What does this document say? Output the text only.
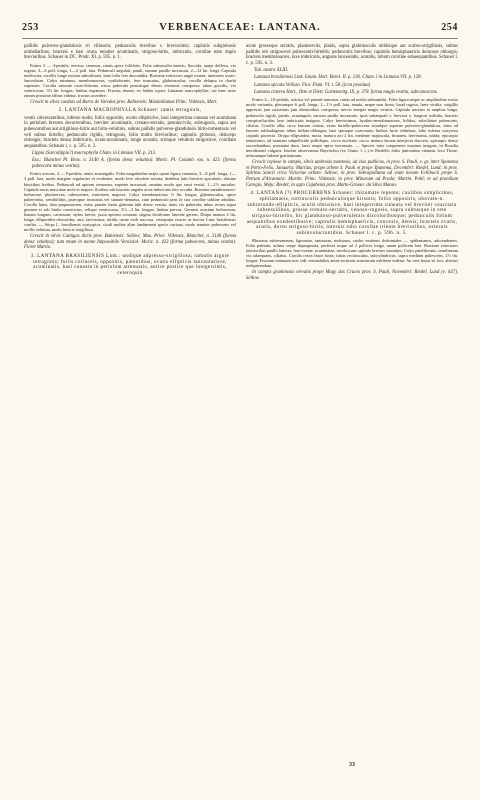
253	VERBENACEAE: LANTANA.	254

pallidis pulvereo-glandulosis tri villosulo; pedunculis brevibus v. brevissimis; capitulis subglobosis umbellaribus; bracteis e basi ovata tenuiter acuminatis, strigoso-hirtis, imbricatis, corollae tubo duplo brevioribus. Schauer in DC. Prodr. XI. p. 595. n. 1.

Frutex 3 — 4-pedalis, erectus, ramosus, ramis apice foliiferis. Folia subsessilia teneris, flaccida, saepe deflexa, vix rugosa, 3—6 poll. longa, 1—2 poll. lata. Pedunculi angulati, patuli, ramum pusillo incrassati, 2—12 lin. longi. Capitula mediocria, corollis longe exserta subsolitaria, inter folia fere abscondita. Bracteae exteriores angie ovatae, interiores ovato-lanceolatae. Calyx minimus, membranaceus, cyathiformis, fere truncatus, glabriusculus, corolla delapsa in rhachi superstes. Corolla saturate roseo-lilacina, extus puberula punctisque densis resinosis conspersa; tubus gracilis, vix ventricosus, 3½ lin. longus; limbus expansus. Fructus desunt; ex habitu typice Lantanae macrophyllae, cui haec inter omnes proxime affinis videtur, fructus accedere.

Crescit in silvis caeduis ad Barra de Varedas prov. Bahiensis: Maximilianus Princ. Vidensis, Mart.

2. LANTANA MACROPHYLLA Schauer: ramis tetragonis,

ventis calvescentibus, inferne nudis; foliis oppositis, ovatis elliptisiive, basi integerrima cuneata vel acuminata in petiolum brevem decurrentibus, breviter acuminatis, crenato-serratis, pennincrviis, subrugosis, supra aut pubescentibus aut strigilloso-hirtis aut hirto-velutinis, subtus pallidis pulvereo-glandulosis hirto-tomentosis vel veli subtus hirtello; pedunculis rigidis, tetragonis, folio multo brevioribus; capitulis globosis, deinceps oblongis; bracteis densa imbricatis, ovato-acuminatis, longe acutatis, strinque velutinis strigosisve, corollam aequantibus. Schauer l. c. p. 595. n. 2.

Lippia (Sarcolippia?) macrophylla Cham. in Linnaea VII. p. 213.

Exs.: Blanchet Pl. Bras. n. 3140 A. (forma densc velutina). Moric. Pl. Columb. exs. n. 423. (forma pubescens minus vestita).

Frutex erectus, 4 — 8-pedalis, ramis acutangulis. Folia magnitudine majis quam figura variantia, 3—8 poll. longa, 1—3 poll. lata, modo margine regulariter et evidenter, modo leve obsolete serrata; dentibus latis breviter apiculatis; aliisine hinctibus levibus. Pedunculi ad apicem ramorum, superne incrassati, omnino modo quo rami vestiti, 1—1½ unciales. Capitula nucis muscatae mole et majore, floribus sub bracteis angulis arcte imbricatis fere occulta. Bracteae membranaceo-herbaceae, pluriuervea, rubescentes, exteriores majores. Calyx membranaceus ½ lin. longus, glabriusculus, apice pubervulus, semibifidus, praecipue truncatus vel sinuato-dentatus, cum pedunculo post in star corollae subline adulitus. Corolla lutea, deia purpurascens, extus praeter basin glabram tubi dense vestita, intus vix puberula; tubus rectus supra germen et sub limbo constrictus, reliquo ventricosus, 3½—4 lin. longus; limbus parvus. Germen ovarium herbaceum, lineam longum, carnosum; stylus brevis, juxta apicem coronam stigma dicitforme laterale gerens. Drupa matura 2 lin. longa, ellipsoideo-obovoidea, atra, laevissima, nitida, carne exili succosa, ceterpsuin exacte ut fructus Lant. brasiliensis confita. — Stirps L. brasiliensis syatyspica, siculi multae aliae landamenti specie variana, modo tenuiter pubescens vel mollis velutina, modo hirta et strigillosa.

Crescit in silvis Catingas dictis prov. Bahiensis: Sellow; Max. Princ. Vidensis, Blanchet, n. 3140 (forma densc velutina); tum etiam in monte Impossibile Vencislai: Moric. n. 423 (forma pubescens, minus vestita). Floret Martio.

3. LANTANA BRASILIENSIS Link.: undique adpresso-strigillosa; ramulis argute tetragonis; foliis coriaceis, oppositis, patentibus, ovatis ellipticis lanceolatisve, acuminatis, basi cuneata in petiolum attenuatis, antice postice que integerrimis, ceteroquin

acute grosseque serratis, planinerviis, planis, supra glabriusculis nitidisque aut scabro-strigillosis, subtus pallidis reti strigosovel pubescenti-hirtellis; pedunculis brevibus; capitulis hemisphaericis deinceps oblongis; bracteis membranaceis, laxe imbricatis, anguste lanceolatis, acutatis, tubum corollae subaequantibus. Schauer l. c. p. 595. n. 3.

Tab. nostra XLIII.

Lantana brasiliensis Link. Enum. Hort. Berol. II. p. 126. Cham. l in Linnaea VII. p. 128.

Lantana spicata Vellozo. Flor. Flum. VI. t. 58. (icon pessima)

Lantana cinerea Hort., Otto et Dietr. Gartenzeitg. IX. p. 378. forma magis vestita, subcanescens.

Frutex 3—10-pedalis, strictus vel patenti-ramosus, ramis ad nodos subtumidis. Folia figura neque ac amplitudine existo modo variantia, plerumque 6 poll. longa, 1—1½ poll. lata, tenuia, neque non firma, haud rugosa, laete viridia, strigillis appressis jam rarissimis jam densioribus conspersa, nervis semper magis vestitis. Capitula unciam et amplius longa, pedunculo rigido, patulo, acutangulo, sursum paullo incrassato, ipsis subaequali v. breviori v. longiori suffulta, bracteis conspicuilucidas laxe imbricatis insignia. Calyx brevissimus, hyalino-membranaceus, bifidus, subciliatus pubescens, ciliatus. Corolla alba, circa faucem citrina, extus hirtello-pubescens simulque superne pulvereo-glandulosa, intus ad faucem subbarbigena; tubus inflato-oblongus, basi spicaque coarctatus; limbus facie velutinus, lobo inferna conyrexa cripinlo porrecto. Drupa ellipsoidea, nucia, matura axi 2 lin. metiente majuscula, brunnea, laevissima, nitida; epicarpio tenuissimo, ad naturam subpellicido pollidiquo, cocco nucleate; cocco maturo lacuna interjecta discreto, epicarpio denso succedaniibus; putamine duro, laevi neque apice incrassato. — Species inter congeneres maxime insignis, in Brasilia meridionali vulgaris. Insolae observamus Bayrischio (ex Cham. l. c.) et Riedello foliis juniorubus etiamiar loco Theae, infusumque habent gratissimum.

Crescit copiose in campis, silvis umbrosis montosis, ad vias publicas, in prov. S. Pauli, e. gr. inter Ypanema et Porto-Felix, Januaria: Martius; prope urbem S. Pauli et prope Ypanema, Decembri: Riedel, Lund; in prov. Spiritus Sancti circa Victoriae urbem: Sellow; in prov. Sebrapolitana ad viam novam Feliibacii prope S. Petrum d'Alcantara: Martin. Princ. Vidensis; in prov. Minarum ad Prado; Martin. Pohl; et ad praedium Caregio, Meju: Riedel; in agro Cujabensi prov. Matto-Grosso: da Silva Manso.

4. LANTANA (?) PROCURRENS Schauer: rhizomate repente; caulibus simplicibus, sphilamaeis, tortiusculis pedunculisque hirsutis; foliis oppositis, obovato-n. subrotundo-ellipticis, acutis obtusisve, basi integerrima cuneata vel breviter coarctata subsessilibus, grosse crenato-serratis, venoso-rugosis, supra subtusque in rete strigoso-hirtellis, hic glanduloso-pulverulentis discoloribusque; pedunculis folium aequantibus exedentibusve; capitulis hemisphaericis, convexis, densis; bracteis ovatis, acutis, dorso strigoso-hirtis, internis tubo corollae triente brevioribus, externis subinvolucrantibus. Schauer l. c. p. 596. n. 5.

Rhizoma subterraneum, lignosum, ramosum, nodosum, caules emittens dodrantales — spithamaeos, adscendentes. Folia paleatia, infima saepe depauperata, perfecta usque ad 2 pollices longa, unam pollicem lata. Bracteae exteriores interioribus paullo latiores, lato-ovatae, acuminatae, involucrum capitulo brevius sirumites. Calyx pateliformis, semilineam vix adaequans, ciliatus. Corolla rosea fauce lutea; tubus rectiusculus, subcylindricus, supra medium pubescens, 2½ lin. longus. Fructum maturum non vidi; semiadultus antea sectionis structuram exhibere videtur. An vere hujus sit loci, alterius indiquirendum.

In campis graminosis elevatis prope Mogy das Cruces prov. S. Pauli, Novembri: Riedel, Lund (e. 827), Sellow.

33
